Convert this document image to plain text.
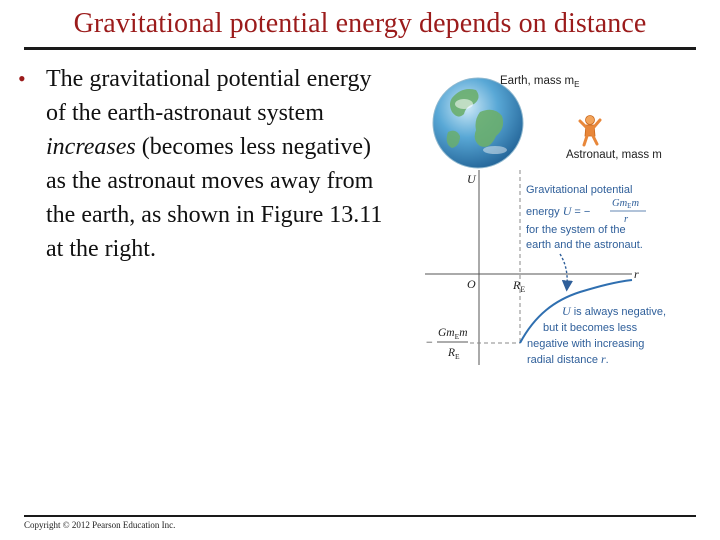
Gravitational potential energy depends on distance
• The gravitational potential energy of the earth-astronaut system increases (becomes less negative) as the astronaut moves away from the earth, as shown in Figure 13.11 at the right.
Earth, mass $m_E$
Astronaut, mass m
U
r
O	$R_E$
$Gm_Em$
−
$R_E$
Gravitational potential
energy U = −
GmEm
r
for the system of the
earth and the astronaut.
U is always negative,
but it becomes less
negative with increasing
radial distance r.
Copyright © 2012 Pearson Education Inc.
